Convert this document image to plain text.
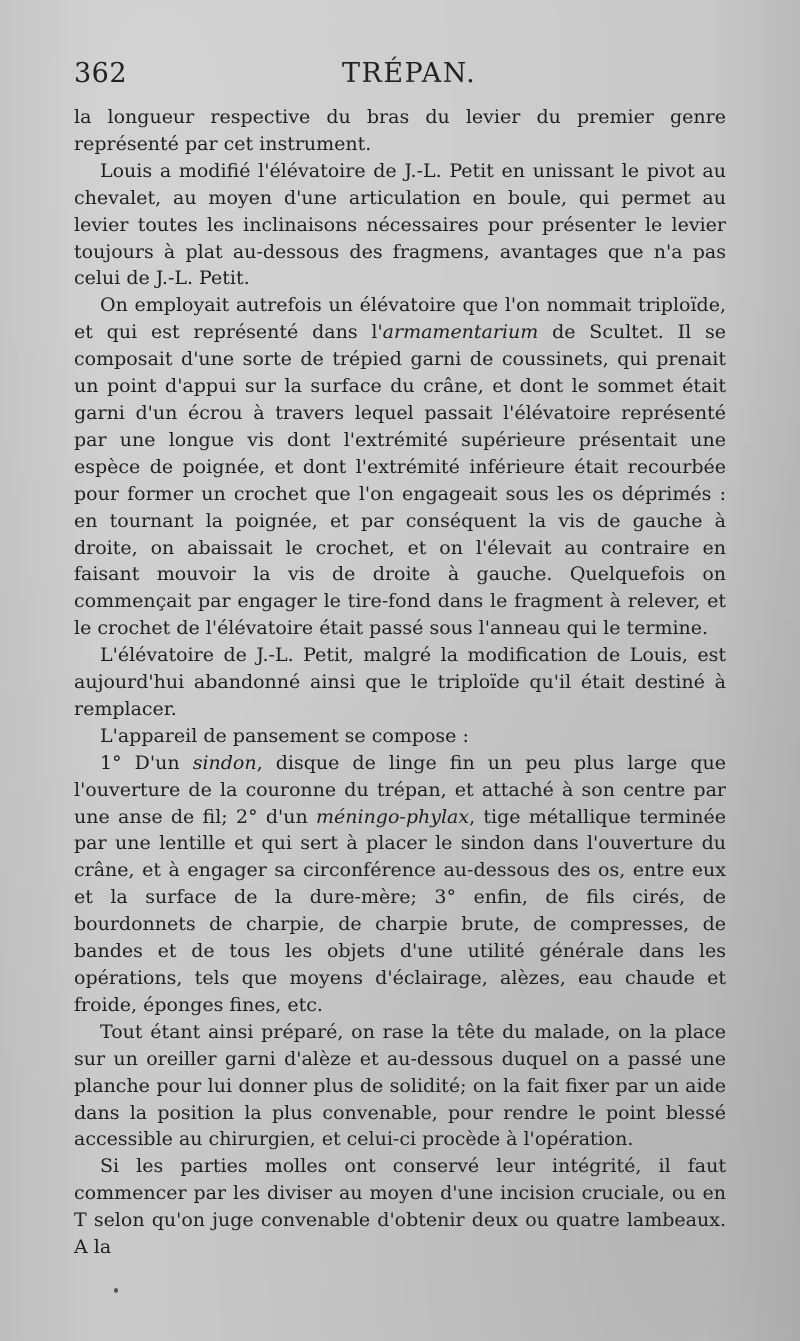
362	TRÉPAN.

la longueur respective du bras du levier du premier genre représenté par cet instrument.

Louis a modifié l'élévatoire de J.-L. Petit en unissant le pivot au chevalet, au moyen d'une articulation en boule, qui permet au levier toutes les inclinaisons nécessaires pour présenter le levier toujours à plat au-dessous des fragmens, avantages que n'a pas celui de J.-L. Petit.

On employait autrefois un élévatoire que l'on nommait triploïde, et qui est représenté dans l'armamentarium de Scultet. Il se composait d'une sorte de trépied garni de coussinets, qui prenait un point d'appui sur la surface du crâne, et dont le sommet était garni d'un écrou à travers lequel passait l'élévatoire représenté par une longue vis dont l'extrémité supérieure présentait une espèce de poignée, et dont l'extrémité inférieure était recourbée pour former un crochet que l'on engageait sous les os déprimés : en tournant la poignée, et par conséquent la vis de gauche à droite, on abaissait le crochet, et on l'élevait au contraire en faisant mouvoir la vis de droite à gauche. Quelquefois on commençait par engager le tire-fond dans le fragment à relever, et le crochet de l'élévatoire était passé sous l'anneau qui le termine.

L'élévatoire de J.-L. Petit, malgré la modification de Louis, est aujourd'hui abandonné ainsi que le triploïde qu'il était destiné à remplacer.

L'appareil de pansement se compose :

1° D'un sindon, disque de linge fin un peu plus large que l'ouverture de la couronne du trépan, et attaché à son centre par une anse de fil; 2° d'un méningo-phylax, tige métallique terminée par une lentille et qui sert à placer le sindon dans l'ouverture du crâne, et à engager sa circonférence au-dessous des os, entre eux et la surface de la dure-mère; 3° enfin, de fils cirés, de bourdonnets de charpie, de charpie brute, de compresses, de bandes et de tous les objets d'une utilité générale dans les opérations, tels que moyens d'éclairage, alèzes, eau chaude et froide, éponges fines, etc.

Tout étant ainsi préparé, on rase la tête du malade, on la place sur un oreiller garni d'alèze et au-dessous duquel on a passé une planche pour lui donner plus de solidité; on la fait fixer par un aide dans la position la plus convenable, pour rendre le point blessé accessible au chirurgien, et celui-ci procède à l'opération.

Si les parties molles ont conservé leur intégrité, il faut commencer par les diviser au moyen d'une incision cruciale, ou en T selon qu'on juge convenable d'obtenir deux ou quatre lambeaux. A la
